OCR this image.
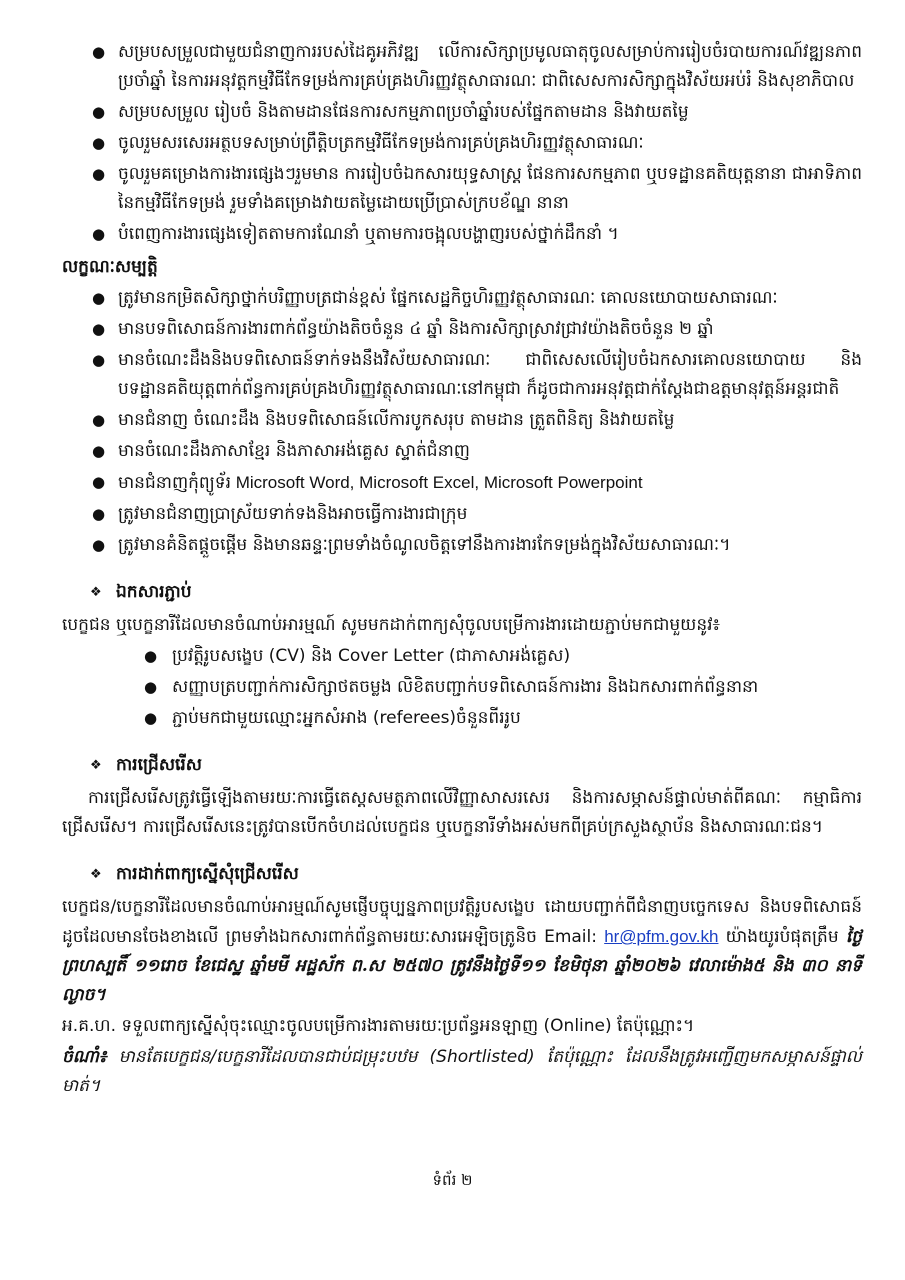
● សម្របសម្រួលជាមួយជំនាញការរបស់ដៃគូអភិវឌ្ឍ លើការសិក្សាប្រមូលធាតុចូលសម្រាប់ការរៀបចំរបាយការណ៍វឌ្ឍនភាពប្រចាំឆ្នាំ នៃការអនុវត្តកម្មវិធីកែទម្រង់ការគ្រប់គ្រងហិរញ្ញវត្ថុសាធារណៈ ជាពិសេសការសិក្សាក្នុងវិស័យអប់រំ និងសុខាភិបាល
● សម្របសម្រួល រៀបចំ និងតាមដានផែនការសកម្មភាពប្រចាំឆ្នាំរបស់ផ្នែកតាមដាន និងវាយតម្លៃ
● ចូលរួមសរសេរអត្ថបទសម្រាប់ព្រឹត្តិបត្រកម្មវិធីកែទម្រង់ការគ្រប់គ្រងហិរញ្ញវត្ថុសាធារណៈ
● ចូលរួមគម្រោងការងារផ្សេងៗរួមមាន ការរៀបចំឯកសារយុទ្ធសាស្ត្រ ផែនការសកម្មភាព ឬបទដ្ឋានគតិយុត្តនានា ជាអាទិភាពនៃកម្មវិធីកែទម្រង់ រួមទាំងគម្រោងវាយតម្លៃដោយប្រើប្រាស់ក្របខ័ណ្ឌ នានា
● បំពេញការងារផ្សេងទៀតតាមការណែនាំ ឬតាមការចង្អុលបង្ហាញរបស់ថ្នាក់ដឹកនាំ ។
លក្ខណៈសម្បត្តិ
● ត្រូវមានកម្រិតសិក្សាថ្នាក់បរិញ្ញាបត្រជាន់ខ្ពស់ ផ្នែកសេដ្ឋកិច្ចហិរញ្ញវត្ថុសាធារណៈ គោលនយោបាយសាធារណៈ
● មានបទពិសោធន៍ការងារពាក់ព័ន្ធយ៉ាងតិចចំនួន ៤ ឆ្នាំ និងការសិក្សាស្រាវជ្រាវយ៉ាងតិចចំនួន ២ ឆ្នាំ
● មានចំណេះដឹងនិងបទពិសោធន៍ទាក់ទងនឹងវិស័យសាធារណៈ ជាពិសេសលើរៀបចំឯកសារគោលនយោបាយ និងបទដ្ឋានគតិយុត្តពាក់ព័ន្ធការគ្រប់គ្រងហិរញ្ញវត្ថុសាធារណៈនៅកម្ពុជា ក៏ដូចជាការអនុវត្តជាក់ស្តែងជាឧត្តមានុវត្តន៍អន្តរជាតិ
● មានជំនាញ ចំណេះដឹង និងបទពិសោធន៍លើការបូកសរុប តាមដាន ត្រួតពិនិត្យ និងវាយតម្លៃ
● មានចំណេះដឹងភាសាខ្មែរ និងភាសាអង់គ្លេស ស្ទាត់ជំនាញ
● មានជំនាញកុំព្យូទ័រ Microsoft Word, Microsoft Excel, Microsoft Powerpoint
● ត្រូវមានជំនាញប្រាស្រ័យទាក់ទងនិងអាចធ្វើការងារជាក្រុម
● ត្រូវមានគំនិតផ្តួចផ្តើម និងមានឆន្ទៈព្រមទាំងចំណូលចិត្តទៅនឹងការងារកែទម្រង់ក្នុងវិស័យសាធារណៈ។
❖ ឯកសារភ្ជាប់

បេក្ខជន ឬបេក្ខនារីដែលមានចំណាប់អារម្មណ៍ សូមមកដាក់ពាក្យសុំចូលបម្រើការងារដោយភ្ជាប់មកជាមួយនូវ៖

● ប្រវត្តិរូបសង្ខេប (CV) និង Cover Letter (ជាភាសាអង់គ្លេស)
● សញ្ញាបត្របញ្ជាក់ការសិក្សាថតចម្លង លិខិតបញ្ជាក់បទពិសោធន៍ការងារ និងឯកសារពាក់ព័ន្ធនានា
● ភ្ជាប់មកជាមួយឈ្មោះអ្នកសំអាង (referees)ចំនួនពីររូប
❖ ការជ្រើសរើស

ការជ្រើសរើសត្រូវធ្វើឡើងតាមរយៈការធ្វើតេស្តសមត្ថភាពលើវិញ្ញាសាសរសេរ និងការសម្ភាសន៍ផ្ទាល់មាត់ពីគណៈ កម្មាធិការជ្រើសរើស។ ការជ្រើសរើសនេះត្រូវបានបើកចំហដល់បេក្ខជន ឬបេក្ខនារីទាំងអស់មកពីគ្រប់ក្រសួងស្ថាប័ន និងសាធារណៈជន។

❖ ការដាក់ពាក្យស្នើសុំជ្រើសរើស

បេក្ខជន/បេក្ខនារីដែលមានចំណាប់អារម្មណ៍សូមផ្ញើបច្ចុប្បន្នភាពប្រវត្តិរូបសង្ខេប ដោយបញ្ជាក់ពីជំនាញបច្ចេកទេស និងបទពិសោធន៍ ដូចដែលមានចែងខាងលើ ព្រមទាំងឯកសារពាក់ព័ន្ធតាមរយៈសារអេឡិចត្រូនិច Email: hr@pfm.gov.kh យ៉ាងយូរបំផុតត្រឹម ថ្ងៃព្រហស្បតិ៍ ១១រោច ខែជេស្ឋ ឆ្នាំមមី អដ្ឋស័ក ព.ស ២៥៧០ ត្រូវនឹងថ្ងៃទី១១ ខែមិថុនា ឆ្នាំ២០២៦ វេលាម៉ោង៥ និង ៣០ នាទី ល្ងាច។

អ.គ.ហ. ទទួលពាក្យស្នើសុំចុះឈ្មោះចូលបម្រើការងារតាមរយៈប្រព័ន្ធអនឡាញ (Online) តែប៉ុណ្ណោះ។

ចំណាំ៖ មានតែបេក្ខជន/បេក្ខនារីដែលបានជាប់ជម្រុះបឋម (Shortlisted) តែប៉ុណ្ណោះ ដែលនឹងត្រូវអញ្ជើញមកសម្ភាសន៍ផ្ទាល់មាត់។

ទំព័រ ២
